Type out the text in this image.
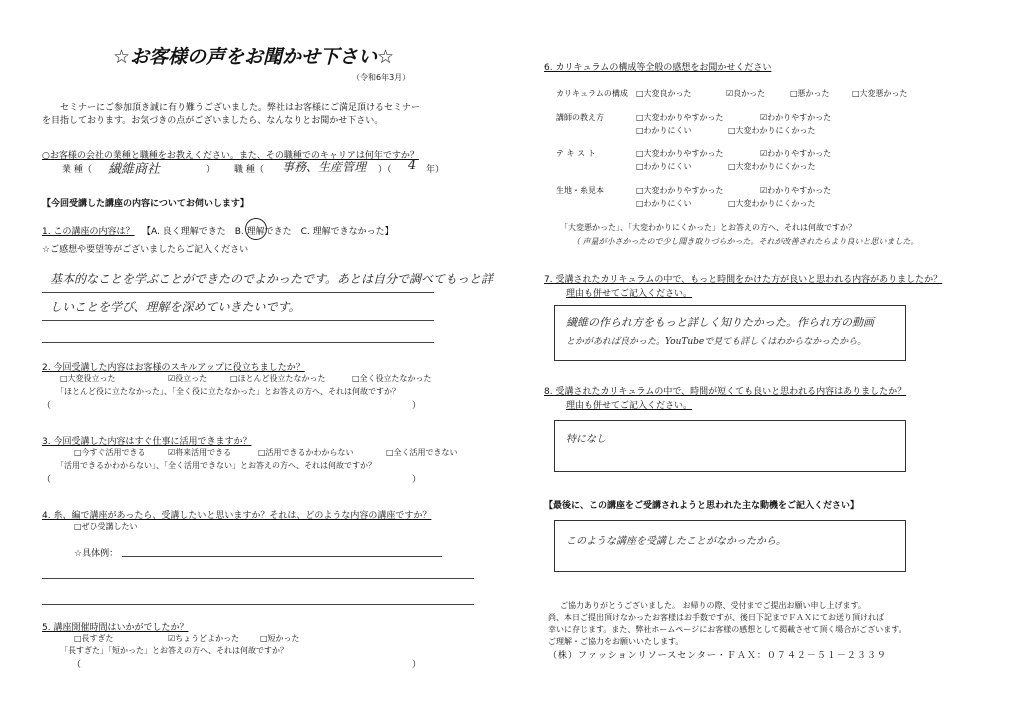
☆お客様の声をお聞かせ下さい☆
（令和6年3月）
セミナーにご参加頂き誠に有り難うございました。弊社はお客様にご満足頂けるセミナー
を目指しております。お気づきの点がございましたら、なんなりとお聞かせ下さい。
○お客様の会社の業種と職種をお教えください。また、その職種でのキャリアは何年ですか？
業 種（ 繊維商社	） 職 種（ 事務、生産管理 ）（ 4 年）
【今回受講した講座の内容についてお伺いします】
1. この講座の内容は？ 【A. 良く理解できた　B. 理解できた　C. 理解できなかった】
☆ご感想や要望等がございましたらご記入ください
基本的なことを学ぶことができたのでよかったです。あとは自分で調べてもっと詳
しいことを学び、理解を深めていきたいです。
2. 今回受講した内容はお客様のスキルアップに役立ちましたか？
□大変役立った	☑役立った	□ほとんど役立たなかった	□全く役立たなかった
「ほとんど役に立たなかった」、「全く役に立たなかった」とお答えの方へ、それは何故ですか？
（	）
3. 今回受講した内容はすぐ仕事に活用できますか？
□今すぐ活用できる	☑将来活用できる	□活用できるかわからない	□全く活用できない
「活用できるかわからない」、「全く活用できない」とお答えの方へ、それは何故ですか？
（	）
4. 糸、編で講座があったら、受講したいと思いますか？それは、どのような内容の講座ですか？
□ぜひ受講したい
☆具体例：
5. 講座開催時間はいかがでしたか？
□長すぎた	☑ちょうどよかった	□短かった
「長すぎた」「短かった」とお答えの方へ、それは何故ですか？
（	）
6. カリキュラムの構成等全般の感想をお聞かせください
カリキュラムの構成 □大変良かった	☑良かった	□悪かった	□大変悪かった
講師の教え方	□大変わかりやすかった	☑わかりやすかった
□わかりにくい	□大変わかりにくかった
テ キ ス ト	□大変わかりやすかった	☑わかりやすかった
□わかりにくい	□大変わかりにくかった
生地・糸見本	□大変わかりやすかった	☑わかりやすかった
□わかりにくい	□大変わかりにくかった
「大変悪かった」、「大変わかりにくかった」とお答えの方へ、それは何故ですか？
（ 声量が小さかったので少し聞き取りづらかった。それが改善されたらより良いと思いました。
7. 受講されたカリキュラムの中で、もっと時間をかけた方が良いと思われる内容がありましたか？
理由も併せてご記入ください。
繊維の作られ方をもっと詳しく知りたかった。作られ方の動画
とかがあれば良かった。YouTubeで見ても詳しくはわからなかったから。
8. 受講されたカリキュラムの中で、時間が短くても良いと思われる内容はありましたか？
理由も併せてご記入ください。
特になし
【最後に、この講座をご受講されようと思われた主な動機をご記入ください】
このような講座を受講したことがなかったから。
ご協力ありがとうございました。 お帰りの際、受付までご提出お願い申し上げます。
尚、本日ご提出頂けなかったお客様はお手数ですが、後日下記までＦＡＸにてお送り頂ければ
幸いに存じます。また、弊社ホームページにお客様の感想として掲載させて頂く場合がございます。
ご理解・ご協力をお願いいたします。
（株）ファッションリソースセンター・ＦＡＸ：０７４２－５１－２３３９
